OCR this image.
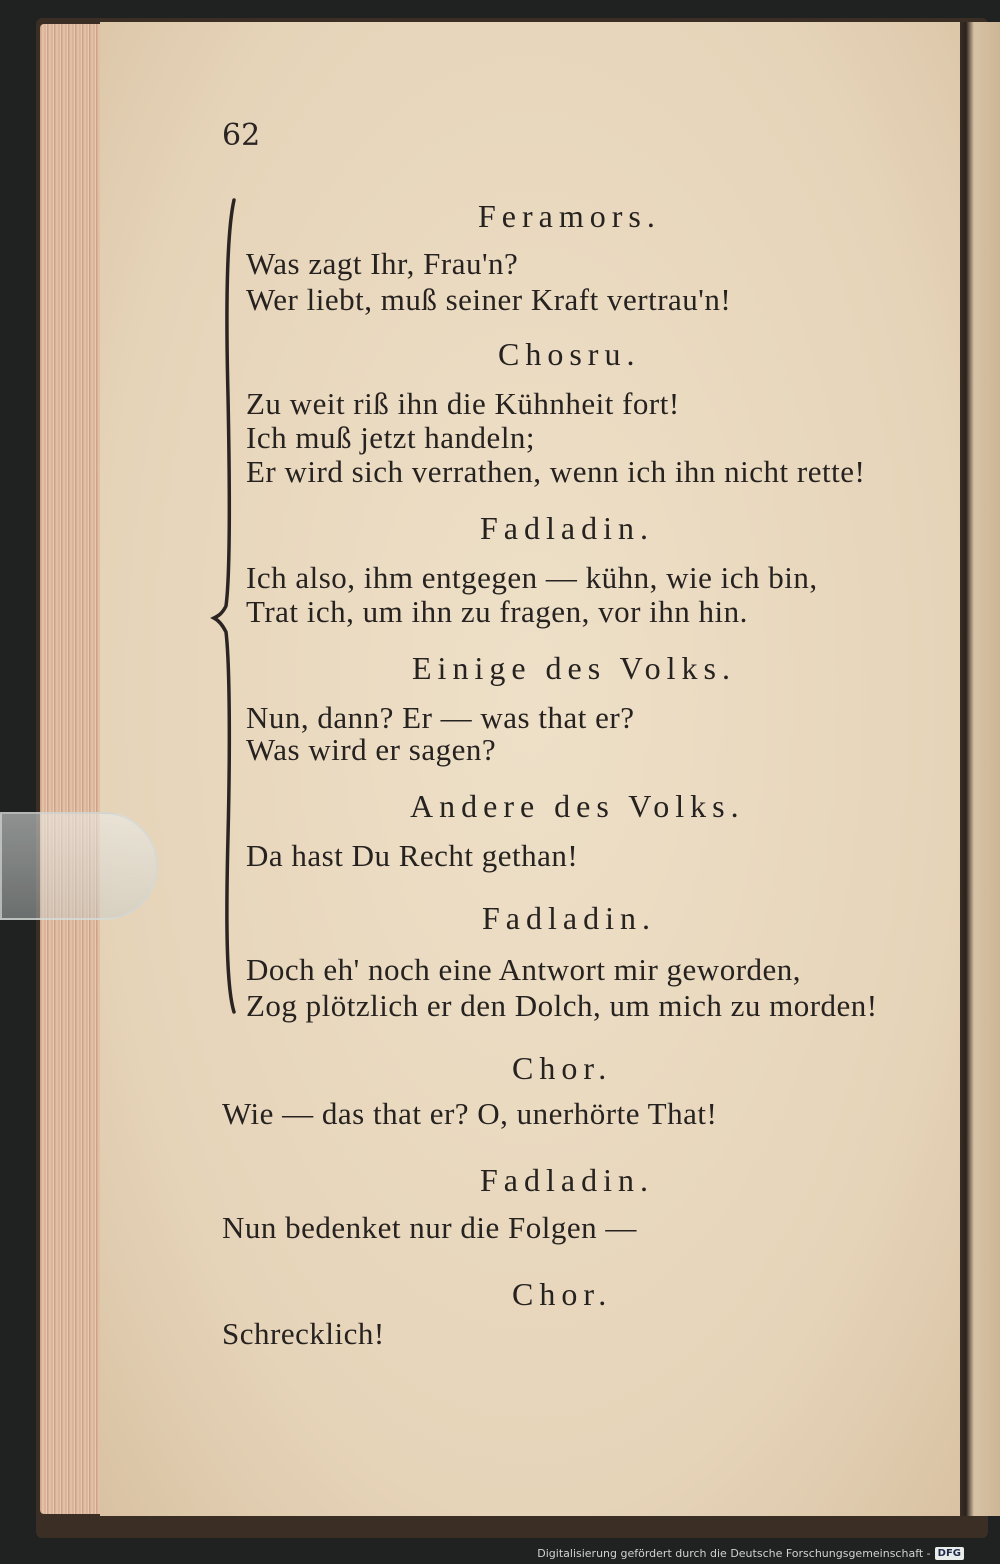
62
Feramors.
Was zagt Ihr, Frau'n?
Wer liebt, muß seiner Kraft vertrau'n!
Chosru.
Zu weit riß ihn die Kühnheit fort!
Ich muß jetzt handeln;
Er wird sich verrathen, wenn ich ihn nicht rette!
Fadladin.
Ich also, ihm entgegen — kühn, wie ich bin,
Trat ich, um ihn zu fragen, vor ihn hin.
Einige des Volks.
Nun, dann? Er — was that er?
Was wird er sagen?
Andere des Volks.
Da hast Du Recht gethan!
Fadladin.
Doch eh' noch eine Antwort mir geworden,
Zog plötzlich er den Dolch, um mich zu morden!
Chor.
Wie — das that er? O, unerhörte That!
Fadladin.
Nun bedenket nur die Folgen —
Chor.
Schrecklich!
Digitalisierung gefördert durch die Deutsche Forschungsgemeinschaft - DFG
